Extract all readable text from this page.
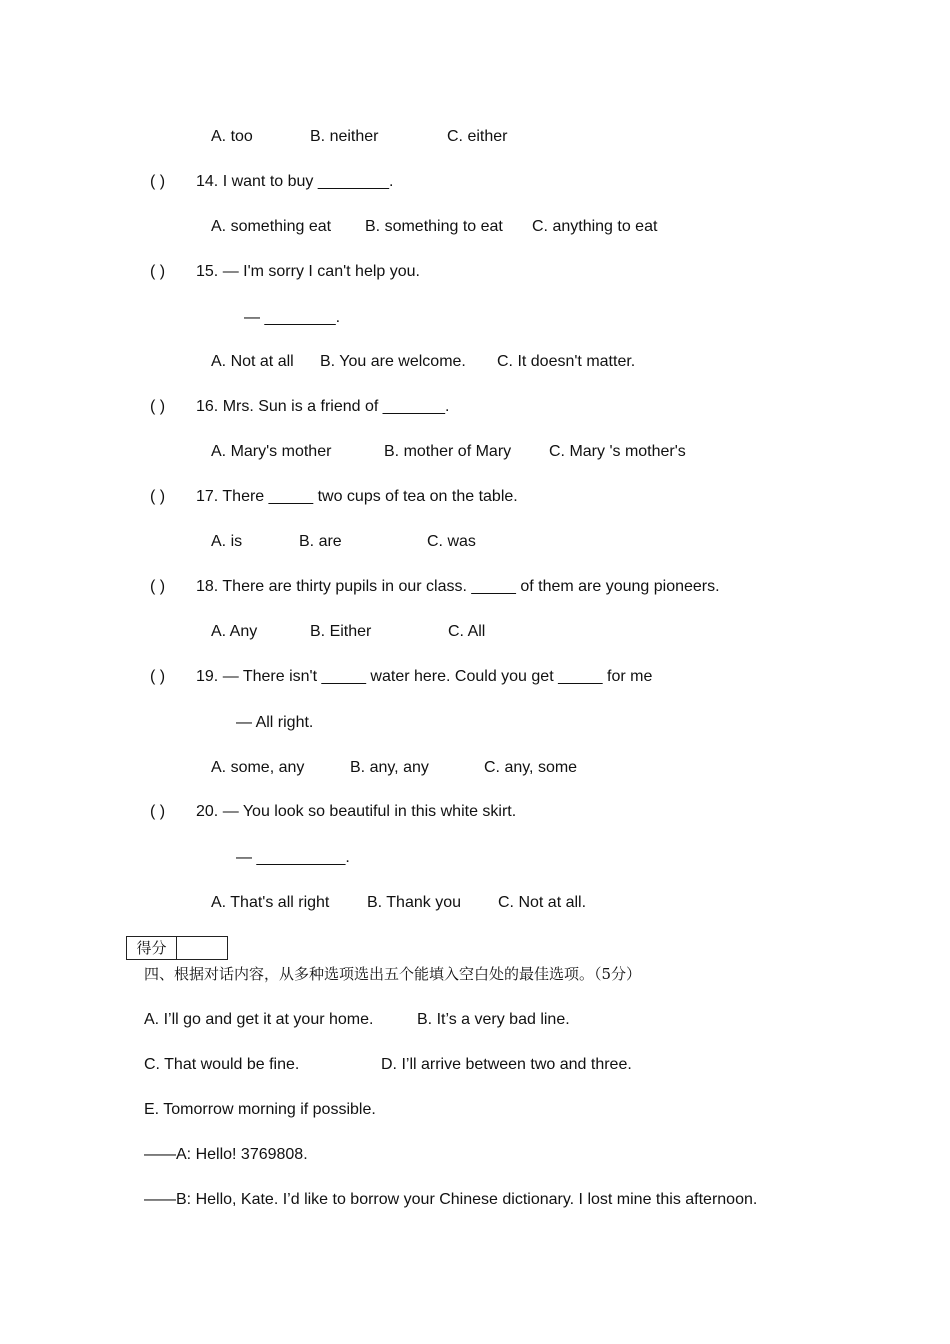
A. too	B. neither	C. either
( ) 14. I want to buy ________.
A. something eat B. something to eat C. anything to eat
( ) 15. — I'm sorry I can't help you.
— ________.
A. Not at all B. You are welcome. C. It doesn't matter.
( ) 16. Mrs. Sun is a friend of _______.
A. Mary's mother	B. mother of Mary C. Mary 's mother's
( ) 17. There _____ two cups of tea on the table.
A. is	B. are	C. was
( ) 18. There are thirty pupils in our class. _____ of them are young pioneers.
A. Any	B. Either	C. All
( ) 19. — There isn't _____ water here. Could you get _____ for me
— All right.
A. some, any	B. any, any	C. any, some
( ) 20. — You look so beautiful in this white skirt.
— __________.
A. That's all right B. Thank you C. Not at all.
得分
四、根据对话内容，从多种选项选出五个能填入空白处的最佳选项。（5分）
A. I’ll go and get it at your home.	B. It’s a very bad line.
C. That would be fine.	D. I’ll arrive between two and three.
E. Tomorrow morning if possible.
——A: Hello! 3769808.
——B: Hello, Kate. I’d like to borrow your Chinese dictionary. I lost mine this afternoon.
